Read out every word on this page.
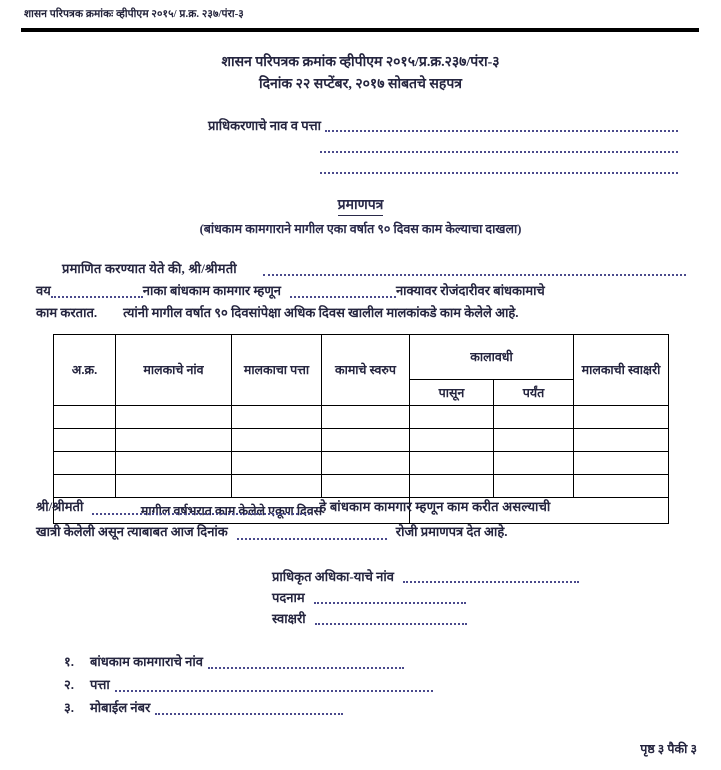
शासन परिपत्रक क्रमांकः व्हीपीएम २०१५/ प्र.क्र. २३७/पंरा-३
शासन परिपत्रक क्रमांक व्हीपीएम २०१५/प्र.क्र.२३७/पंरा-३
दिनांक २२ सप्टेंबर, २०१७ सोबतचे सहपत्र
प्राधिकरणाचे नाव व पत्ता
प्रमाणपत्र
(बांधकाम कामगाराने मागील एका वर्षात ९० दिवस काम केल्याचा दाखला)
प्रमाणित करण्यात येते की, श्री/श्रीमती
वय	नाका बांधकाम कामगार म्हणून	नाक्यावर रोजंदारीवर बांधकामाचे
काम करतात. त्यांनी मागील वर्षात ९० दिवसांपेक्षा अधिक दिवस खालील मालकांकडे काम केलेले आहे.
अ.क्र.	मालकाचे नांव	मालकाचा पत्ता	कामाचे स्वरुप	कालावधी		मालकाची स्वाक्षरी
				पासून	पर्यंत	

मागील वर्षभरात काम केलेले एकूण दिवस						
श्री/श्रीमती	हे बांधकाम कामगार म्हणून काम करीत असल्याची
खात्री केलेली असून त्याबाबत आज दिनांक	रोजी प्रमाणपत्र देत आहे.
प्राधिकृत अधिका-याचे नांव
पदनाम
स्वाक्षरी
१.	बांधकाम कामगाराचे नांव
२.	पत्ता
३.	मोबाईल नंबर
पृष्ठ ३ पैकी ३
